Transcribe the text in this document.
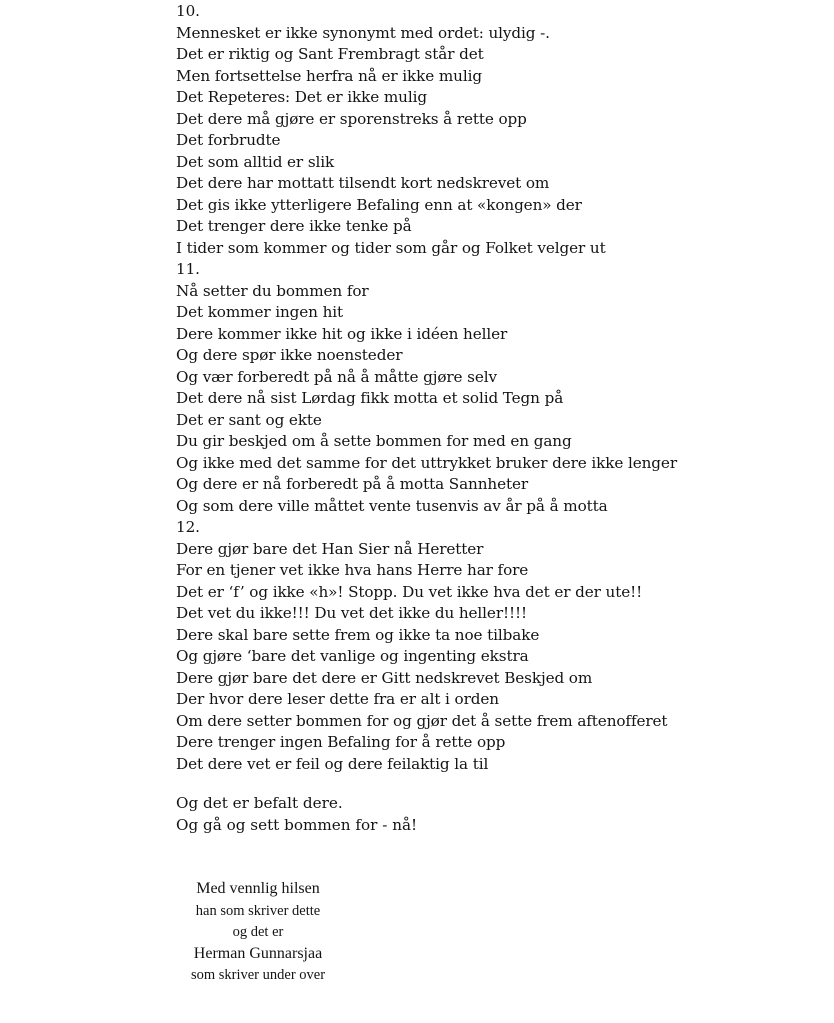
10.
Mennesket er ikke synonymt med ordet: ulydig -.
Det er riktig og Sant Frembragt står det
Men fortsettelse herfra nå er ikke mulig
Det Repeteres: Det er ikke mulig
Det dere må gjøre er sporenstreks å rette opp
Det forbrudte
Det som alltid er slik
Det dere har mottatt tilsendt kort nedskrevet om
Det gis ikke ytterligere Befaling enn at «kongen» der
Det trenger dere ikke tenke på
I tider som kommer og tider som går og Folket velger ut
11.
Nå setter du bommen for
Det kommer ingen hit
Dere kommer ikke hit og ikke i idéen heller
Og dere spør ikke noensteder
Og vær forberedt på nå å måtte gjøre selv
Det dere nå sist Lørdag fikk motta et solid Tegn på
Det er sant og ekte
Du gir beskjed om å sette bommen for med en gang
Og ikke med det samme for det uttrykket bruker dere ikke lenger
Og dere er nå forberedt på å motta Sannheter
Og som dere ville måttet vente tusenvis av år på å motta
12.
Dere gjør bare det Han Sier nå Heretter
For en tjener vet ikke hva hans Herre har fore
Det er ‘f’ og ikke «h»! Stopp. Du vet ikke hva det er der ute!!
Det vet du ikke!!! Du vet det ikke du heller!!!!
Dere skal bare sette frem og ikke ta noe tilbake
Og gjøre ‘bare det vanlige og ingenting ekstra
Dere gjør bare det dere er Gitt nedskrevet Beskjed om
Der hvor dere leser dette fra er alt i orden
Om dere setter bommen for og gjør det å sette frem aftenofferet
Dere trenger ingen Befaling for å rette opp
Det dere vet er feil og dere feilaktig la til
Og det er befalt dere.
Og gå og sett bommen for - nå!
Med vennlig hilsen
han som skriver dette
og det er
Herman Gunnarsjaa
som skriver under over
